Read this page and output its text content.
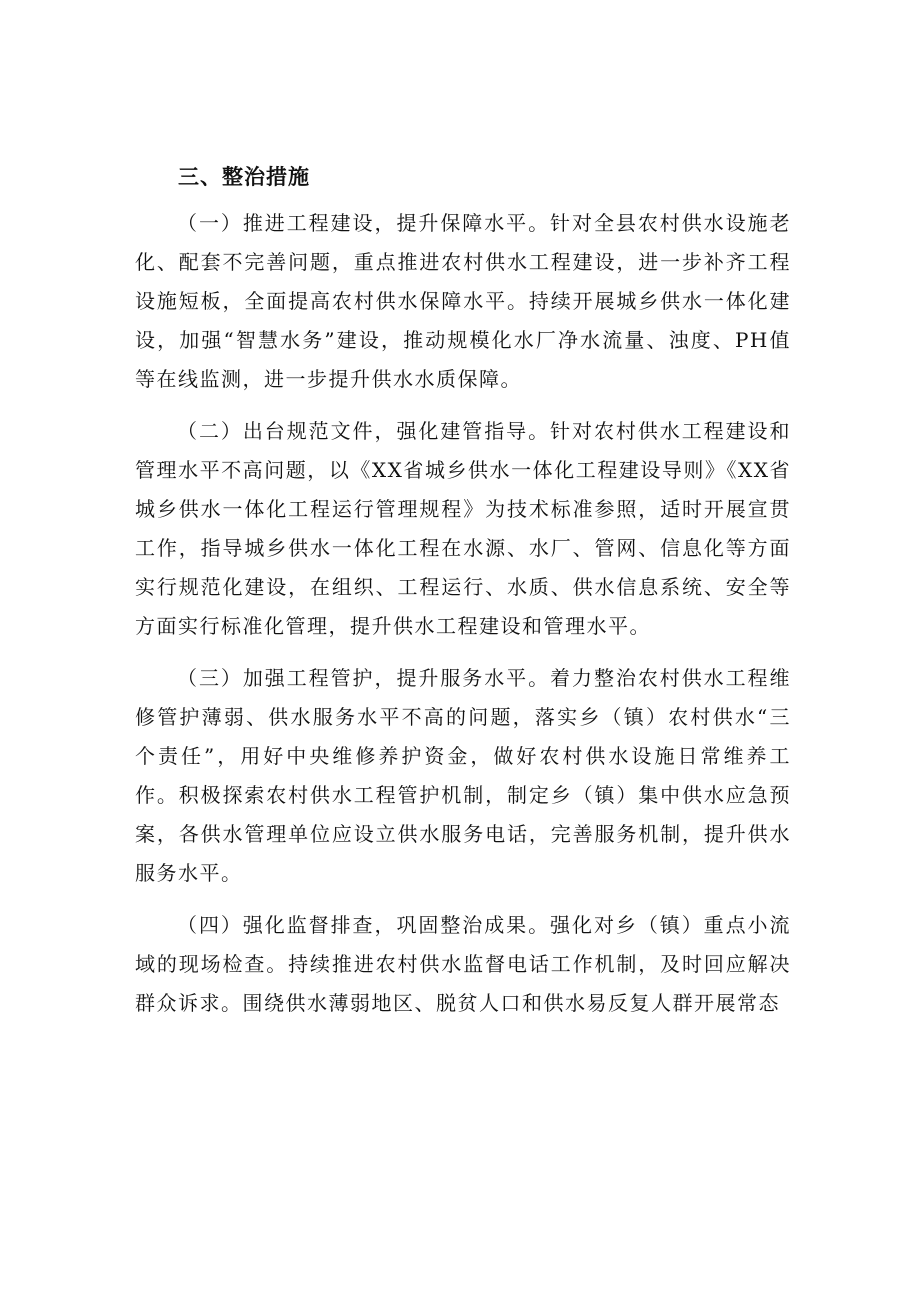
三、整治措施

（一）推进工程建设，提升保障水平。针对全县农村供水设施老化、配套不完善问题，重点推进农村供水工程建设，进一步补齐工程设施短板，全面提高农村供水保障水平。持续开展城乡供水一体化建设，加强“智慧水务”建设，推动规模化水厂净水流量、浊度、PH值等在线监测，进一步提升供水水质保障。

（二）出台规范文件，强化建管指导。针对农村供水工程建设和管理水平不高问题，以《XX省城乡供水一体化工程建设导则》《XX省城乡供水一体化工程运行管理规程》为技术标准参照，适时开展宣贯工作，指导城乡供水一体化工程在水源、水厂、管网、信息化等方面实行规范化建设，在组织、工程运行、水质、供水信息系统、安全等方面实行标准化管理，提升供水工程建设和管理水平。

（三）加强工程管护，提升服务水平。着力整治农村供水工程维修管护薄弱、供水服务水平不高的问题，落实乡（镇）农村供水“三个责任”，用好中央维修养护资金，做好农村供水设施日常维养工作。积极探索农村供水工程管护机制，制定乡（镇）集中供水应急预案，各供水管理单位应设立供水服务电话，完善服务机制，提升供水服务水平。

（四）强化监督排查，巩固整治成果。强化对乡（镇）重点小流域的现场检查。持续推进农村供水监督电话工作机制，及时回应解决群众诉求。围绕供水薄弱地区、脱贫人口和供水易反复人群开展常态
